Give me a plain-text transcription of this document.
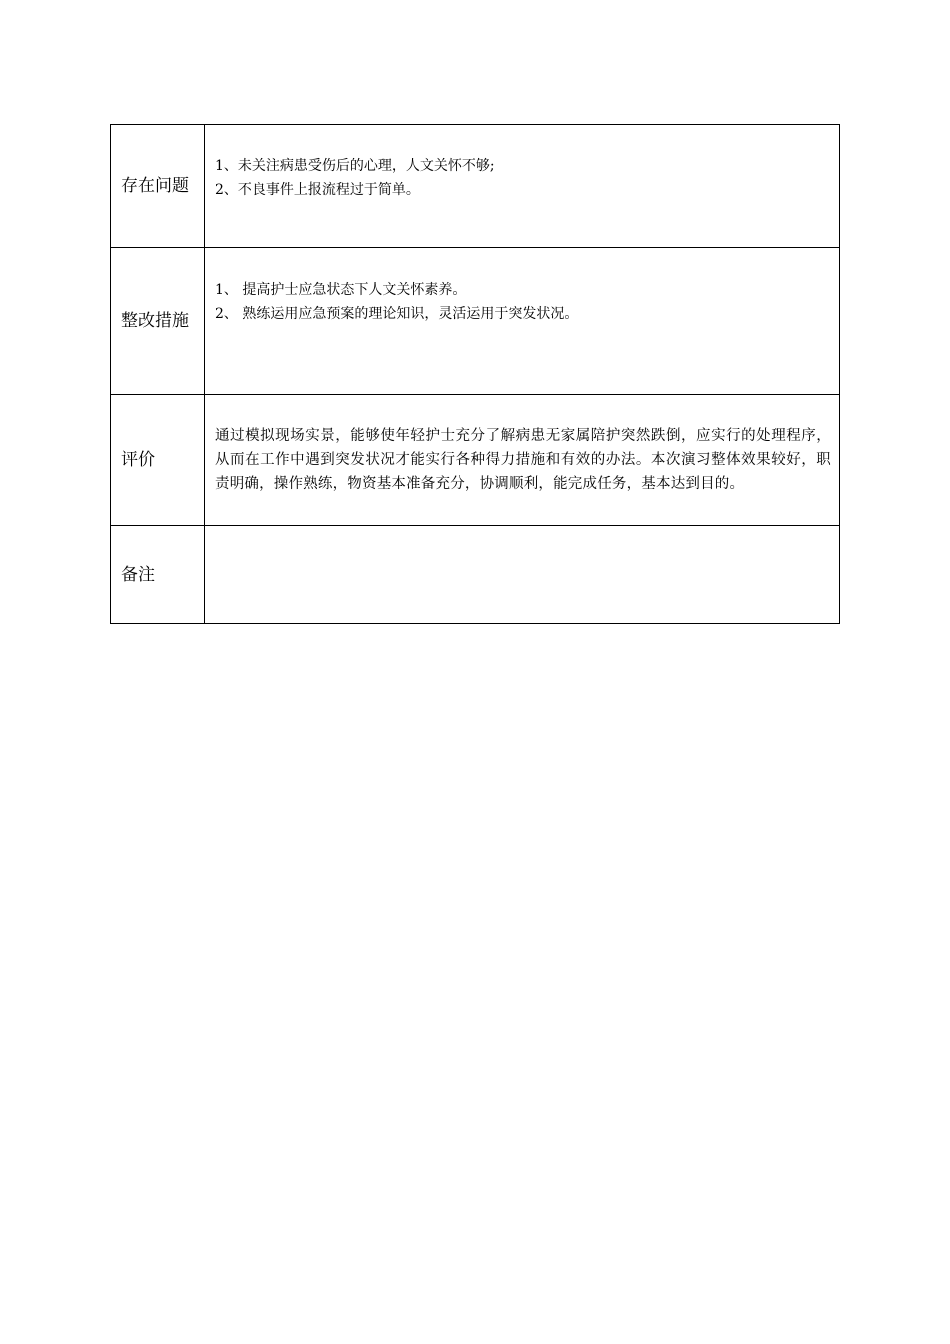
存在问题	1、未关注病患受伤后的心理，人文关怀不够;
2、不良事件上报流程过于简单。

整改措施	1、 提高护士应急状态下人文关怀素养。
2、 熟练运用应急预案的理论知识，灵活运用于突发状况。

评价	通过模拟现场实景，能够使年轻护士充分了解病患无家属陪护突然跌倒，应实行的处理程序，从而在工作中遇到突发状况才能实行各种得力措施和有效的办法。本次演习整体效果较好，职责明确，操作熟练，物资基本准备充分，协调顺利，能完成任务，基本达到目的。

备注	
